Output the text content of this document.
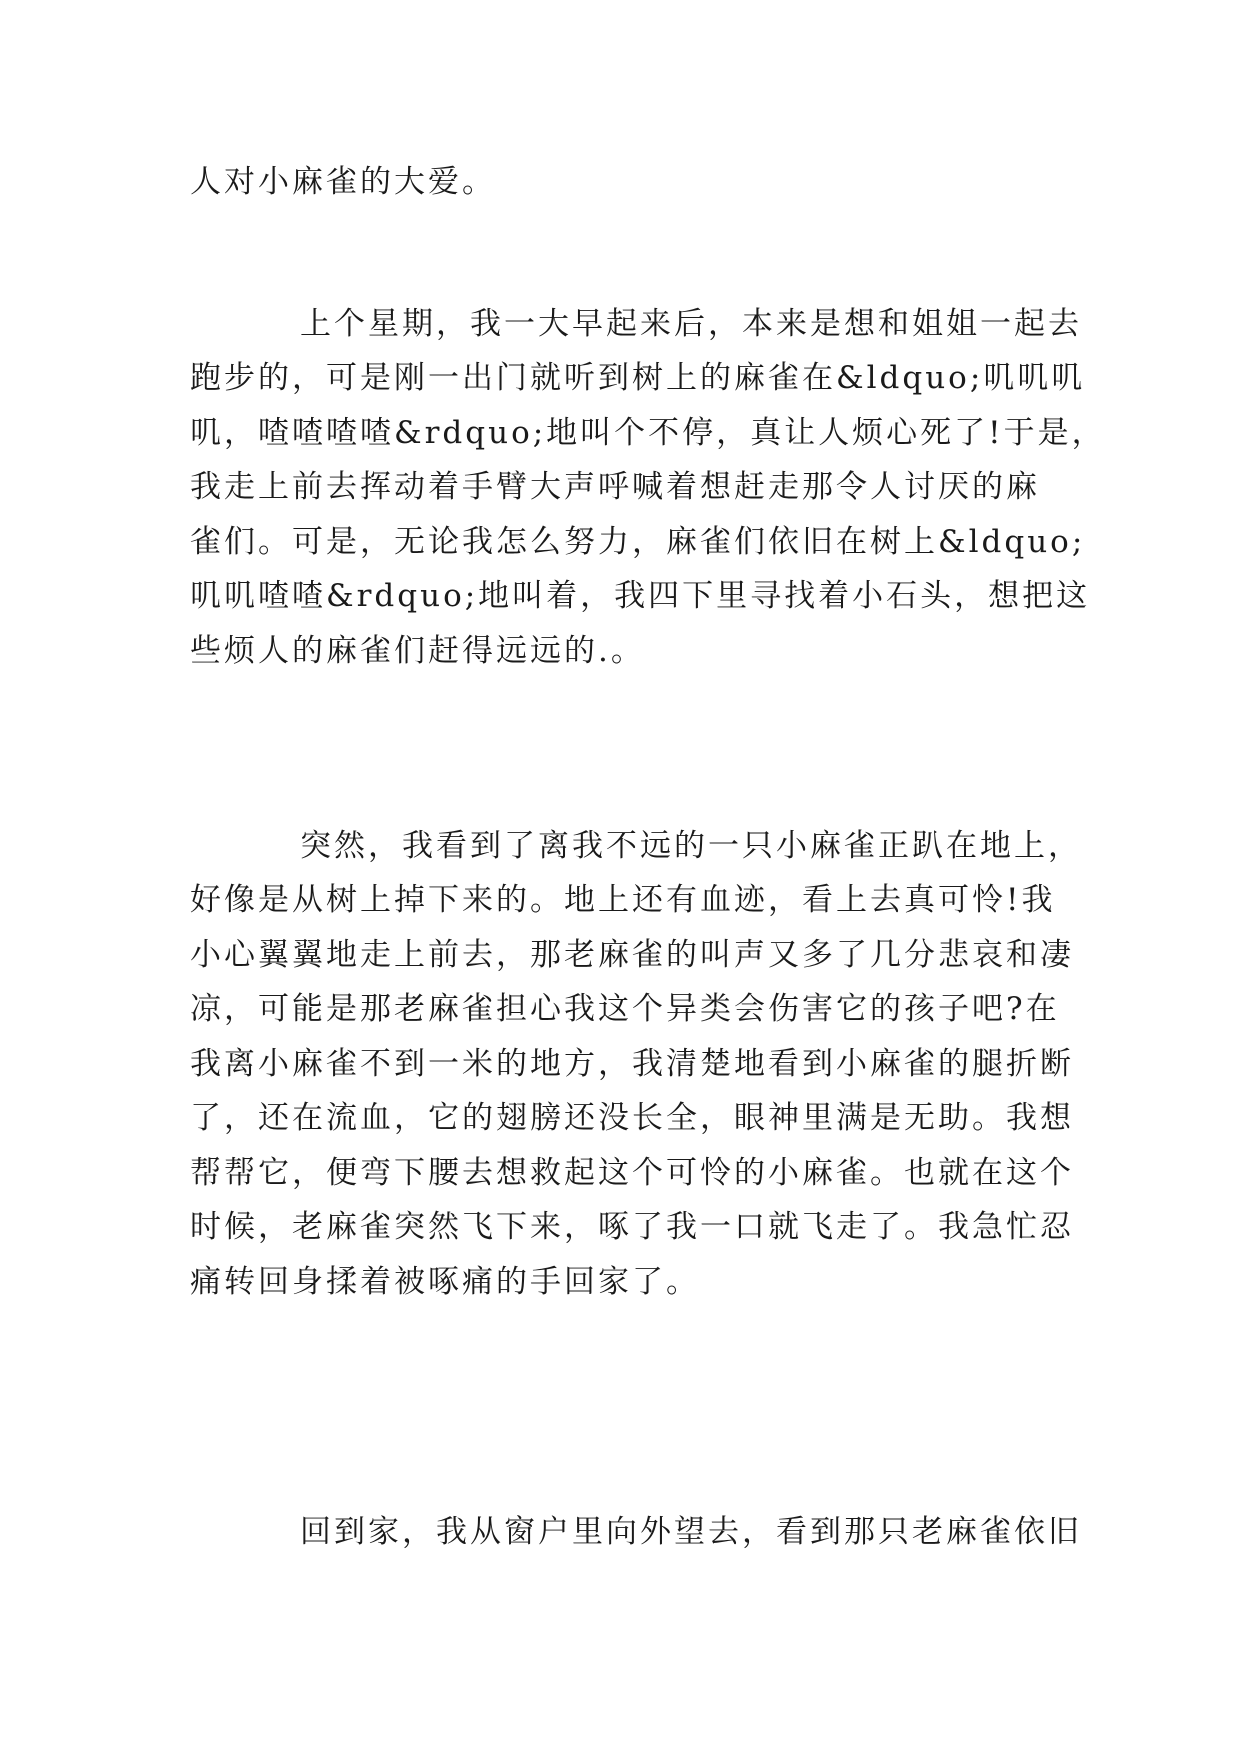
人对小麻雀的大爱。

上个星期，我一大早起来后，本来是想和姐姐一起去

跑步的，可是刚一出门就听到树上的麻雀在&ldquo;叽叽叽

叽，喳喳喳喳&rdquo;地叫个不停，真让人烦心死了!于是，

我走上前去挥动着手臂大声呼喊着想赶走那令人讨厌的麻

雀们。可是，无论我怎么努力，麻雀们依旧在树上&ldquo;

叽叽喳喳&rdquo;地叫着，我四下里寻找着小石头，想把这

些烦人的麻雀们赶得远远的.。

突然，我看到了离我不远的一只小麻雀正趴在地上，

好像是从树上掉下来的。地上还有血迹，看上去真可怜!我

小心翼翼地走上前去，那老麻雀的叫声又多了几分悲哀和凄

凉，可能是那老麻雀担心我这个异类会伤害它的孩子吧?在

我离小麻雀不到一米的地方，我清楚地看到小麻雀的腿折断

了，还在流血，它的翅膀还没长全，眼神里满是无助。我想

帮帮它，便弯下腰去想救起这个可怜的小麻雀。也就在这个

时候，老麻雀突然飞下来，啄了我一口就飞走了。我急忙忍

痛转回身揉着被啄痛的手回家了。

回到家，我从窗户里向外望去，看到那只老麻雀依旧
